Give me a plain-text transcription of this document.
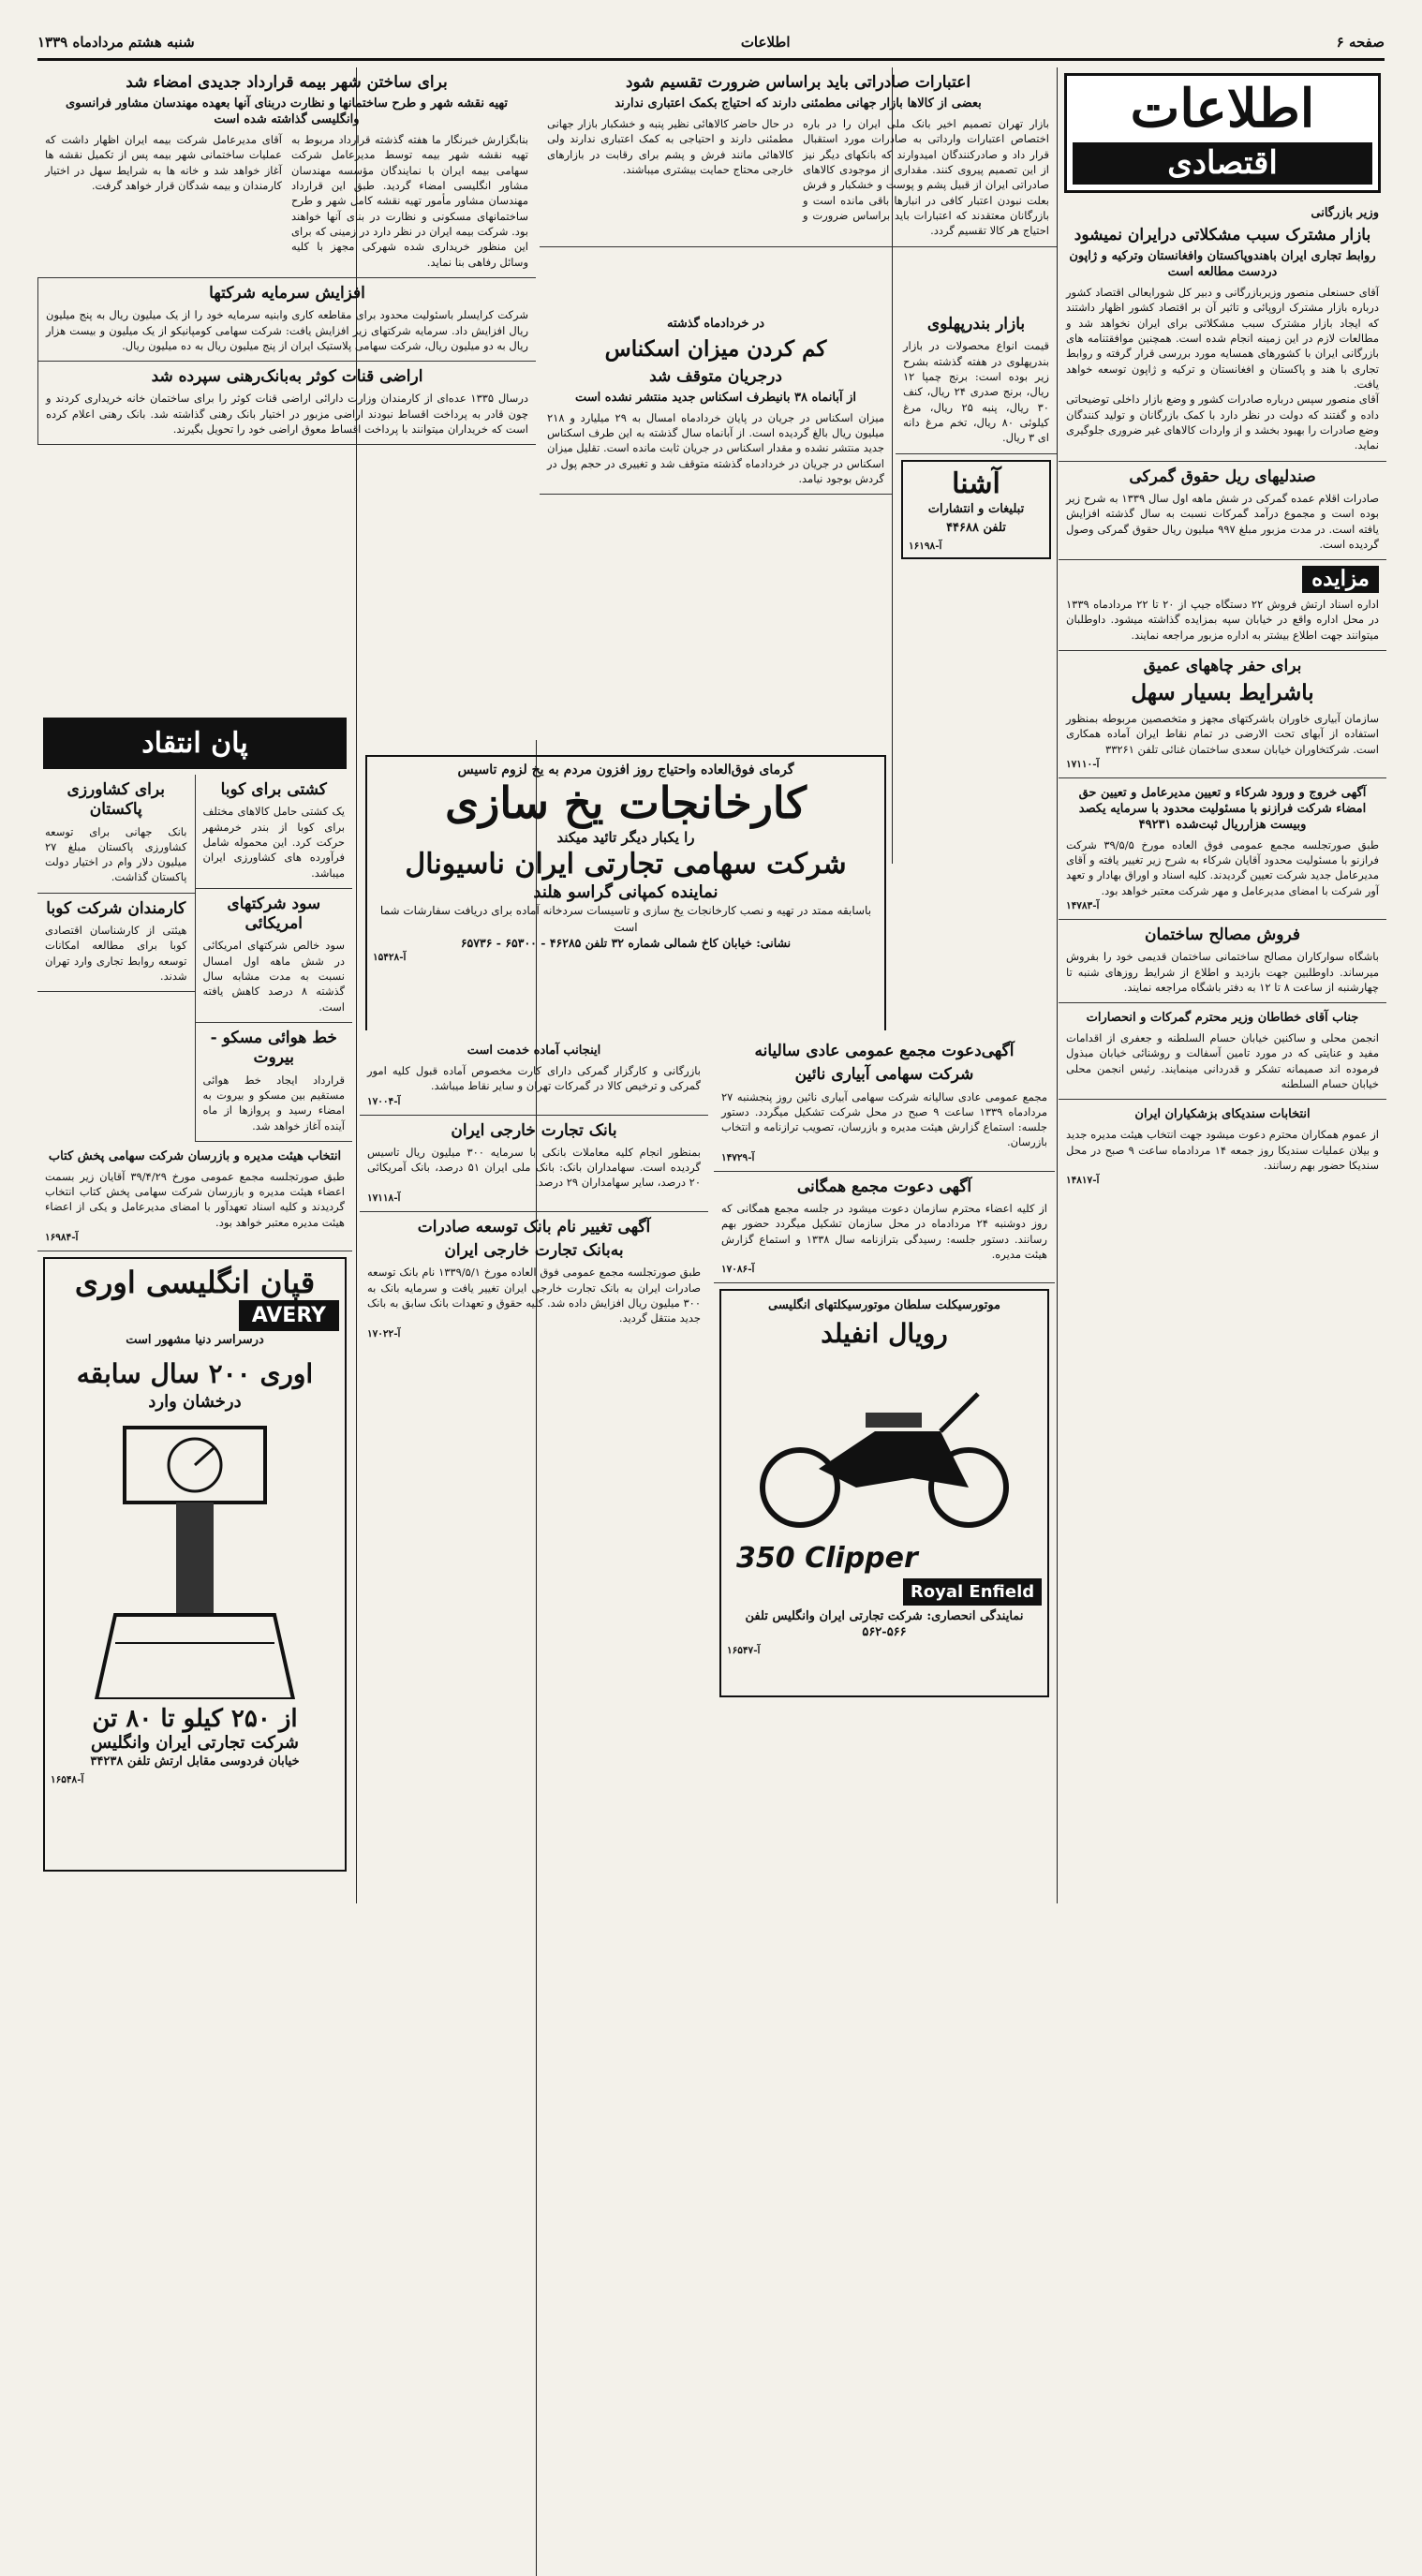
صفحه ۶
اطلاعات
شنبه هشتم مردادماه ۱۳۳۹
اطلاعات
اقتصادی
وزیر بازرگانی
بازار مشترک سبب مشکلاتی درایران نمیشود
روابط تجاری ایران باهندوپاکستان وافغانستان وترکیه و ژاپون دردست مطالعه است

آقای حسنعلی منصور وزیربازرگانی و دبیر کل شورایعالی اقتصاد کشور درباره بازار مشترک اروپائی و تاثیر آن بر اقتصاد کشور اظهار داشتند که ایجاد بازار مشترک سبب مشکلاتی برای ایران نخواهد شد و مطالعات لازم در این زمینه انجام شده است. همچنین موافقتنامه های بازرگانی ایران با کشورهای همسایه مورد بررسی قرار گرفته و روابط تجاری با هند و پاکستان و افغانستان و ترکیه و ژاپون توسعه خواهد یافت.

آقای منصور سپس درباره صادرات کشور و وضع بازار داخلی توضیحاتی داده و گفتند که دولت در نظر دارد با کمک بازرگانان و تولید کنندگان وضع صادرات را بهبود بخشد و از واردات کالاهای غیر ضروری جلوگیری نماید.

صندلیهای ریل حقوق گمرکی

صادرات اقلام عمده گمرکی در شش ماهه اول سال ۱۳۳۹ به شرح زیر بوده است و مجموع درآمد گمرکات نسبت به سال گذشته افزایش یافته است. در مدت مزبور مبلغ ۹۹۷ میلیون ریال حقوق گمرکی وصول گردیده است.

مزایده

اداره اسناد ارتش فروش ۲۲ دستگاه جیپ از ۲۰ تا ۲۲ مردادماه ۱۳۳۹ در محل اداره واقع در خیابان سپه بمزایده گذاشته میشود. داوطلبان میتوانند جهت اطلاع بیشتر به اداره مزبور مراجعه نمایند.

برای حفر چاههای عمیق
باشرایط بسیار سهل

سازمان آبیاری خاوران باشرکتهای مجهز و متخصصین مربوطه بمنظور استفاده از آبهای تحت الارضی در تمام نقاط ایران آماده همکاری است. شرکتخاوران خیابان سعدی ساختمان غنائی تلفن ۳۳۲۶۱

آ-۱۷۱۱۰
آگهی خروج و ورود شرکاء و تعیین مدیرعامل و تعیین حق امضاء شرکت فرازنو با مسئولیت محدود با سرمایه یکصد وبیست هزارریال ثبت‌شده ۴۹۲۳۱

طبق صورتجلسه مجمع عمومی فوق العاده مورخ ۳۹/۵/۵ شرکت فرازنو با مسئولیت محدود آقایان شرکاء به شرح زیر تغییر یافته و آقای مدیرعامل جدید شرکت تعیین گردیدند. کلیه اسناد و اوراق بهادار و تعهد آور شرکت با امضای مدیرعامل و مهر شرکت معتبر خواهد بود.

آ-۱۴۷۸۳
فروش مصالح ساختمان

باشگاه سوارکاران مصالح ساختمانی ساختمان قدیمی خود را بفروش میرساند. داوطلبین جهت بازدید و اطلاع از شرایط روزهای شنبه تا چهارشنبه از ساعت ۸ تا ۱۲ به دفتر باشگاه مراجعه نمایند.

جناب آقای خطاطان وزیر محترم گمرکات و انحصارات

انجمن محلی و ساکنین خیابان حسام السلطنه و جعفری از اقدامات مفید و عنایتی که در مورد تامین آسفالت و روشنائی خیابان مبذول فرموده اند صمیمانه تشکر و قدردانی مینمایند. رئیس انجمن محلی خیابان حسام السلطنه

انتخابات سندیکای بزشکیاران ایران

از عموم همکاران محترم دعوت میشود جهت انتخاب هیئت مدیره جدید و بیلان عملیات سندیکا روز جمعه ۱۴ مردادماه ساعت ۹ صبح در محل سندیکا حضور بهم رسانند.

آ-۱۴۸۱۷
اعتبارات صادراتی باید براساس ضرورت تقسیم شود
بعضی از کالاها بازار جهانی مطمئنی دارند که احتیاج بکمک اعتباری ندارند

بازار تهران تصمیم اخیر بانک ملی ایران را در باره اختصاص اعتبارات وارداتی به صادرات مورد استقبال قرار داد و صادرکنندگان امیدوارند که بانکهای دیگر نیز از این تصمیم پیروی کنند. مقداری از موجودی کالاهای صادراتی ایران از قبیل پشم و پوست و خشکبار و فرش بعلت نبودن اعتبار کافی در انبارها باقی مانده است و بازرگانان معتقدند که اعتبارات باید براساس ضرورت و احتیاج هر کالا تقسیم گردد.

در حال حاضر کالاهائی نظیر پنبه و خشکبار بازار جهانی مطمئنی دارند و احتیاجی به کمک اعتباری ندارند ولی کالاهائی مانند فرش و پشم برای رقابت در بازارهای خارجی محتاج حمایت بیشتری میباشند.

در خردادماه گذشته
کم کردن میزان اسکناس
درجریان متوقف شد
از آبانماه ۳۸ بانیطرف اسکناس جدید منتشر نشده است

میزان اسکناس در جریان در پایان خردادماه امسال به ۲۹ میلیارد و ۲۱۸ میلیون ریال بالغ گردیده است. از آبانماه سال گذشته به این طرف اسکناس جدید منتشر نشده و مقدار اسکناس در جریان ثابت مانده است. تقلیل میزان اسکناس در جریان در خردادماه گذشته متوقف شد و تغییری در حجم پول در گردش بوجود نیامد.

بازار بندرپهلوی

قیمت انواع محصولات در بازار بندرپهلوی در هفته گذشته بشرح زیر بوده است: برنج چمپا ۱۲ ریال، برنج صدری ۲۴ ریال، کنف ۳۰ ریال، پنبه ۲۵ ریال، مرغ کیلوئی ۸۰ ریال، تخم مرغ دانه ای ۳ ریال.

آشنا
تبلیغات و انتشارات
تلفن ۴۴۶۸۸
آ-۱۶۱۹۸
برای ساختن شهر بیمه قرارداد جدیدی امضاء شد
تهیه نقشه شهر و طرح ساختمانها و نظارت دربنای آنها بعهده مهندسان مشاور فرانسوی وانگلیسی گذاشته شده است

بنابگزارش خبرنگار ما هفته گذشته قرارداد مربوط به تهیه نقشه شهر بیمه توسط مدیرعامل شرکت سهامی بیمه ایران با نمایندگان مؤسسه مهندسان مشاور انگلیسی امضاء گردید. طبق این قرارداد مهندسان مشاور مأمور تهیه نقشه کامل شهر و طرح ساختمانهای مسکونی و نظارت در بنای آنها خواهند بود. شرکت بیمه ایران در نظر دارد در زمینی که برای این منظور خریداری شده شهرکی مجهز با کلیه وسائل رفاهی بنا نماید.

آقای مدیرعامل شرکت بیمه ایران اظهار داشت که عملیات ساختمانی شهر بیمه پس از تکمیل نقشه ها آغاز خواهد شد و خانه ها به شرایط سهل در اختیار کارمندان و بیمه شدگان قرار خواهد گرفت.

افزایش سرمایه شرکتها

شرکت کرایسلر باسئولیت محدود برای مقاطعه کاری وابنیه سرمایه خود را از یک میلیون ریال به پنج میلیون ریال افزایش داد. سرمایه شرکتهای زیر افزایش یافت: شرکت سهامی کومپانیکو از یک میلیون و بیست هزار ریال به دو میلیون ریال، شرکت سهامی پلاستیک ایران از پنج میلیون ریال به ده میلیون ریال.

اراضی قنات کوثر به‌بانک‌رهنی سپرده شد

درسال ۱۳۳۵ عده‌ای از کارمندان وزارت دارائی اراضی قنات کوثر را برای ساختمان خانه خریداری کردند و چون قادر به پرداخت اقساط نبودند اراضی مزبور در اختیار بانک رهنی گذاشته شد. بانک رهنی اعلام کرده است که خریداران میتوانند با پرداخت اقساط معوق اراضی خود را تحویل بگیرند.

گرمای فوق‌العاده واحتیاج روز افزون مردم به یخ لزوم تاسیس
کارخانجات یخ سازی
را یکبار دیگر تائید میکند
شرکت سهامی تجارتی ایران ناسیونال
نماینده کمپانی گراسو هلند
باسابقه ممتد در تهیه و نصب کارخانجات یخ سازی و تاسیسات سردخانه آماده برای دریافت سفارشات شما است
نشانی: خیابان کاخ شمالی شماره ۳۲ تلفن ۴۶۲۸۵ - ۶۵۳۰۰ - ۶۵۷۳۶
آ-۱۵۴۲۸
پان انتقاد
کشتی برای کوبا

یک کشتی حامل کالاهای مختلف برای کوبا از بندر خرمشهر حرکت کرد. این محموله شامل فرآورده های کشاورزی ایران میباشد.

سود شرکتهای امریکائی

سود خالص شرکتهای امریکائی در شش ماهه اول امسال نسبت به مدت مشابه سال گذشته ۸ درصد کاهش یافته است.

خط هوائی مسکو - بیروت

قرارداد ایجاد خط هوائی مستقیم بین مسکو و بیروت به امضاء رسید و پروازها از ماه آینده آغاز خواهد شد.

برای کشاورزی پاکستان

بانک جهانی برای توسعه کشاورزی پاکستان مبلغ ۲۷ میلیون دلار وام در اختیار دولت پاکستان گذاشت.

کارمندان شرکت کوبا

هیئتی از کارشناسان اقتصادی کوبا برای مطالعه امکانات توسعه روابط تجاری وارد تهران شدند.

انتخاب هیئت مدیره و بازرسان شرکت سهامی پخش کتاب

طبق صورتجلسه مجمع عمومی مورخ ۳۹/۴/۲۹ آقایان زیر بسمت اعضاء هیئت مدیره و بازرسان شرکت سهامی پخش کتاب انتخاب گردیدند و کلیه اسناد تعهدآور با امضای مدیرعامل و یکی از اعضاء هیئت مدیره معتبر خواهد بود.

آ-۱۶۹۸۴
قپان انگلیسی اوری
AVERY
درسراسر دنیا مشهور است
اوری ۲۰۰ سال سابقه
درخشان وارد
از ۲۵۰ کیلو تا ۸۰ تن
شرکت تجارتی ایران وانگلیس
خیابان فردوسی مقابل ارتش تلفن ۳۴۲۳۸
آ-۱۶۵۴۸
اینجانب آماده خدمت است

بازرگانی و کارگزار گمرکی دارای کارت مخصوص آماده قبول کلیه امور گمرکی و ترخیص کالا در گمرکات تهران و سایر نقاط میباشد.

آ-۱۷۰۰۴
بانک تجارت خارجی ایران

بمنظور انجام کلیه معاملات بانکی با سرمایه ۳۰۰ میلیون ریال تاسیس گردیده است. سهامداران بانک: بانک ملی ایران ۵۱ درصد، بانک آمریکائی ۲۰ درصد، سایر سهامداران ۲۹ درصد.

آ-۱۷۱۱۸
آگهی تغییر نام بانک توسعه صادرات
به‌بانک تجارت خارجی ایران

طبق صورتجلسه مجمع عمومی فوق العاده مورخ ۱۳۳۹/۵/۱ نام بانک توسعه صادرات ایران به بانک تجارت خارجی ایران تغییر یافت و سرمایه بانک به ۳۰۰ میلیون ریال افزایش داده شد. کلیه حقوق و تعهدات بانک سابق به بانک جدید منتقل گردید.

آ-۱۷۰۲۲
آگهی‌دعوت مجمع عمومی عادی سالیانه
شرکت سهامی آبیاری نائین

مجمع عمومی عادی سالیانه شرکت سهامی آبیاری نائین روز پنجشنبه ۲۷ مردادماه ۱۳۳۹ ساعت ۹ صبح در محل شرکت تشکیل میگردد. دستور جلسه: استماع گزارش هیئت مدیره و بازرسان، تصویب ترازنامه و انتخاب بازرسان.

آ-۱۴۷۲۹
آگهی دعوت مجمع همگانی

از کلیه اعضاء محترم سازمان دعوت میشود در جلسه مجمع همگانی که روز دوشنبه ۲۴ مردادماه در محل سازمان تشکیل میگردد حضور بهم رسانند. دستور جلسه: رسیدگی بترازنامه سال ۱۳۳۸ و استماع گزارش هیئت مدیره.

آ-۱۷۰۸۶
موتورسیکلت سلطان موتورسیکلتهای انگلیسی
رویال انفیلد
350 Clipper
Royal Enfield
نمایندگی انحصاری: شرکت تجارتی ایران وانگلیس تلفن ۵۶۶-۵۶۲
آ-۱۶۵۴۷
